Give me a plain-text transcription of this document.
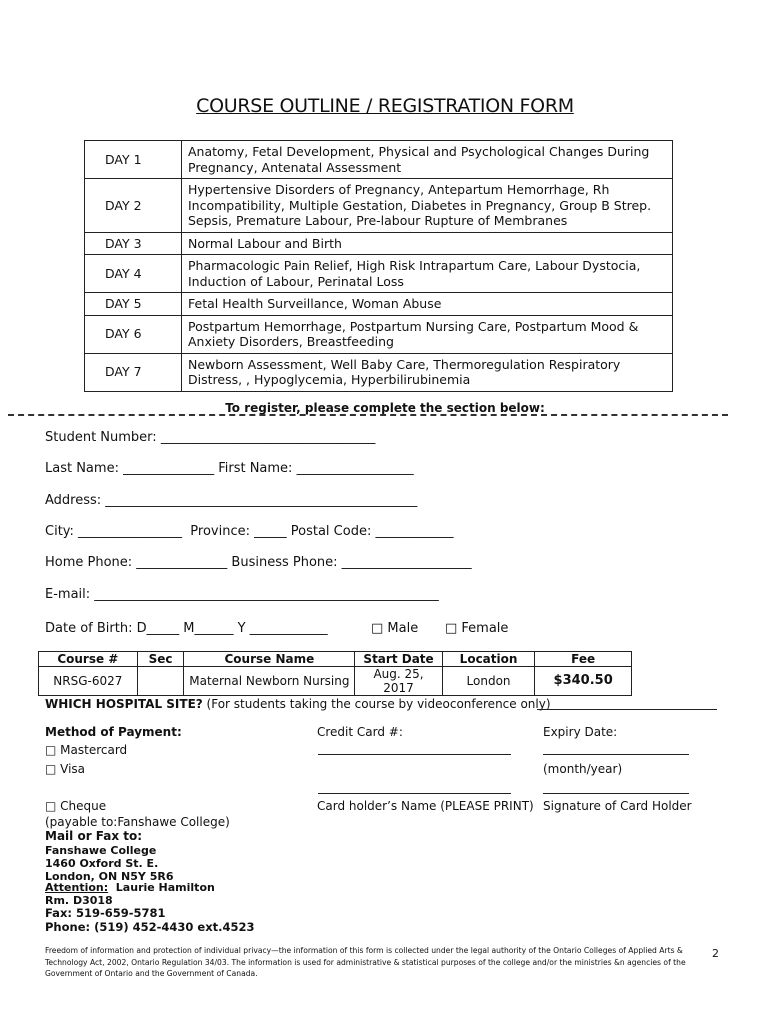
COURSE OUTLINE / REGISTRATION FORM
DAY 1	Anatomy, Fetal Development, Physical and Psychological Changes During
Pregnancy, Antenatal Assessment

DAY 2	Hypertensive Disorders of Pregnancy, Antepartum Hemorrhage, Rh
Incompatibility, Multiple Gestation, Diabetes in Pregnancy, Group B Strep.
Sepsis, Premature Labour, Pre-labour Rupture of Membranes

DAY 3	Normal Labour and Birth

DAY 4	Pharmacologic Pain Relief, High Risk Intrapartum Care, Labour Dystocia,
Induction of Labour, Perinatal Loss

DAY 5	Fetal Health Surveillance, Woman Abuse

DAY 6	Postpartum Hemorrhage, Postpartum Nursing Care, Postpartum Mood &
Anxiety Disorders, Breastfeeding

DAY 7	Newborn Assessment, Well Baby Care, Thermoregulation Respiratory
Distress, , Hypoglycemia, Hyperbilirubinemia
To register, please complete the section below:
Student Number: _________________________________
Last Name: ______________ First Name: __________________
Address: ________________________________________________
City: ________________  Province: _____ Postal Code: ____________
Home Phone: ______________ Business Phone: ____________________
E-mail: _____________________________________________________
Date of Birth: D_____ M______ Y ____________	□ Male □ Female
Course #	Sec	Course Name	Start Date	Location	Fee
NRSG-6027		Maternal Newborn Nursing	Aug. 25, 2017	London	$340.50
WHICH HOSPITAL SITE? (For students taking the course by videoconference only)
Method of Payment:
□ Mastercard
□ Visa
□ Cheque
(payable to:Fanshawe College)
Credit Card #:	Expiry Date:
(month/year)
Card holder’s Name (PLEASE PRINT) Signature of Card Holder
Mail or Fax to:
Fanshawe College
1460 Oxford St. E.
London, ON N5Y 5R6
Attention:  Laurie Hamilton
Rm. D3018
Fax: 519-659-5781
Phone: (519) 452-4430 ext.4523
Freedom of information and protection of individual privacy—the information of this form is collected under the legal authority of the Ontario Colleges of Applied Arts & Technology Act, 2002, Ontario Regulation 34/03. The information is used for administrative & statistical purposes of the college and/or the ministries &n agencies of the Government of Ontario and the Government of Canada.
2
